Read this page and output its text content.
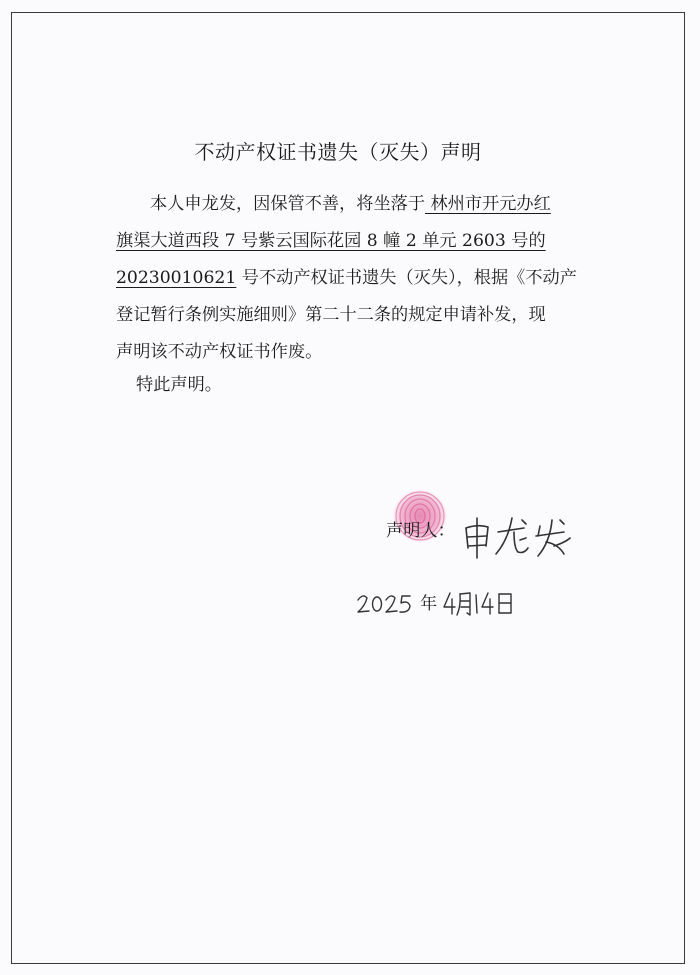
不动产权证书遗失（灭失）声明
本人申龙发，因保管不善，将坐落于 林州市开元办红
旗渠大道西段 7 号紫云国际花园 8 幢 2 单元 2603 号的
20230010621 号不动产权证书遗失（灭失），根据《不动产
登记暂行条例实施细则》第二十二条的规定申请补发，现
声明该不动产权证书作废。
特此声明。
声明人：
年
